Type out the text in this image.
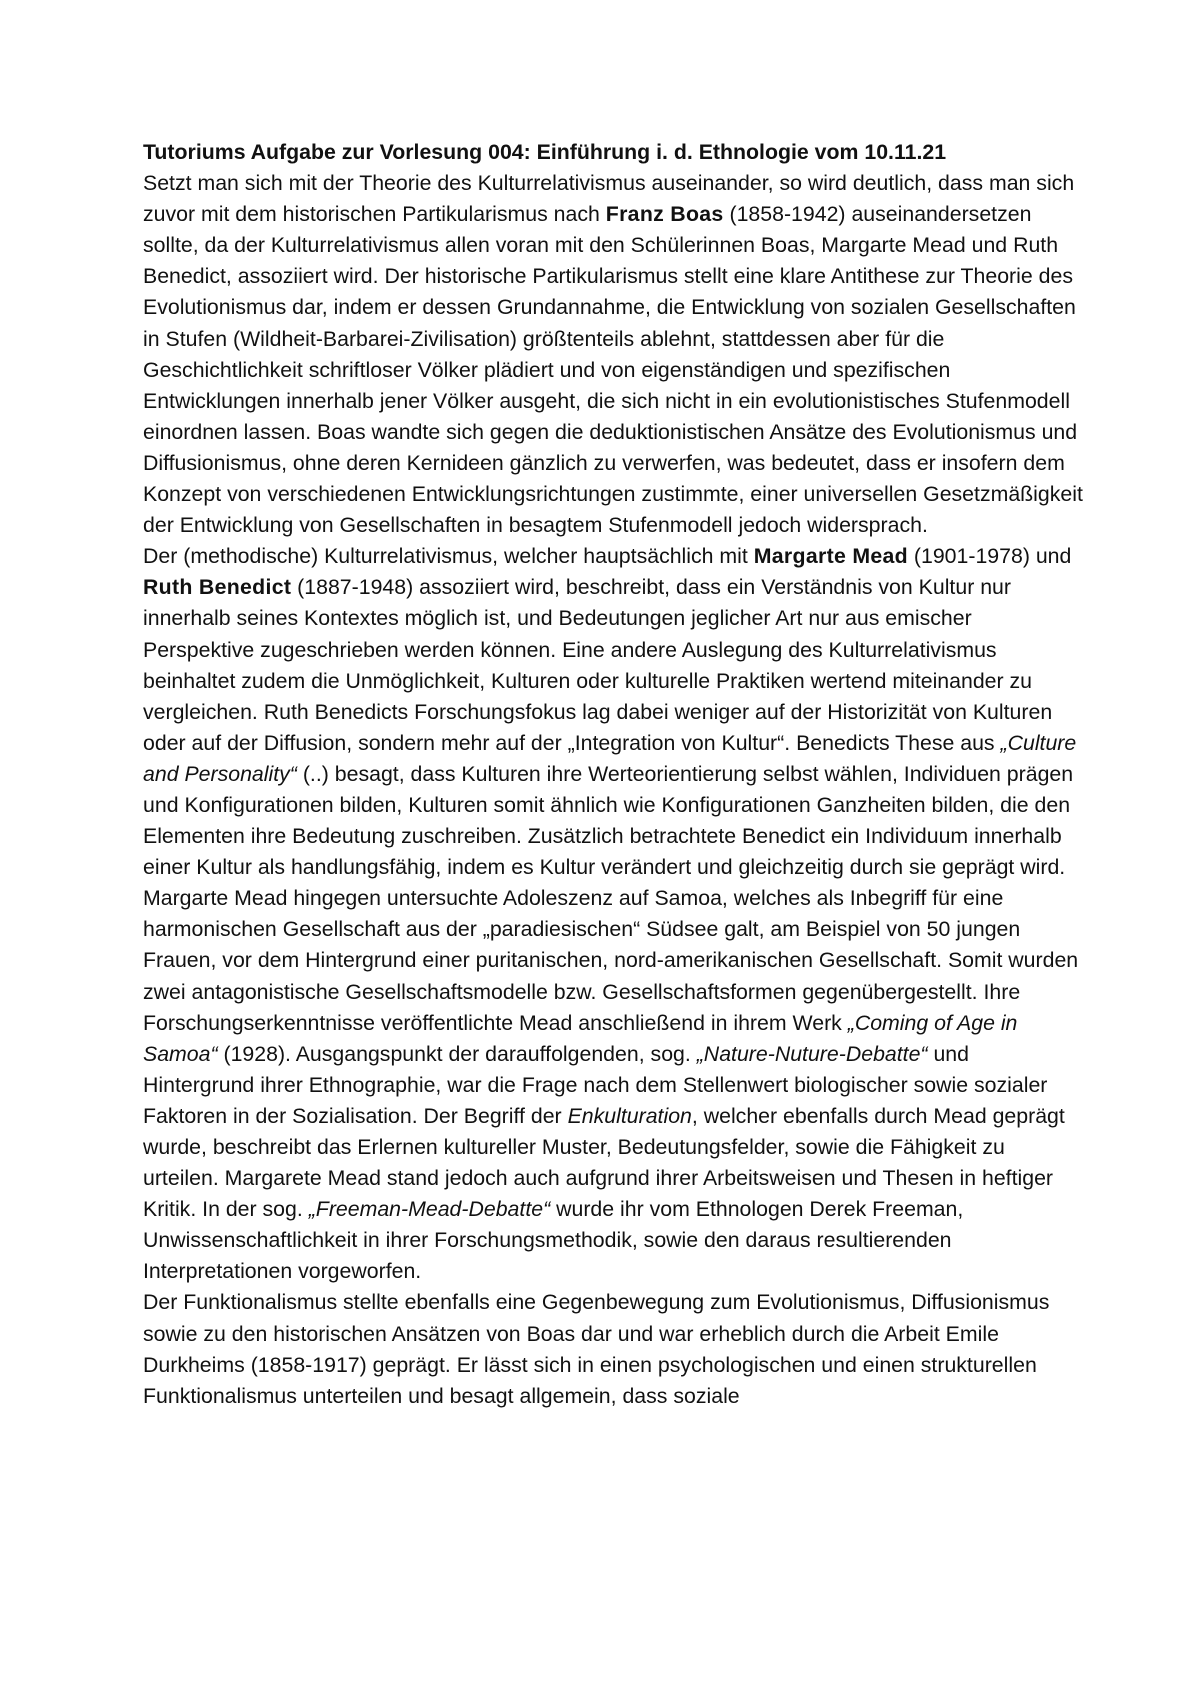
Tutoriums Aufgabe zur Vorlesung 004: Einführung i. d. Ethnologie vom 10.11.21

Setzt man sich mit der Theorie des Kulturrelativismus auseinander, so wird deutlich, dass man sich zuvor mit dem historischen Partikularismus nach Franz Boas (1858-1942) auseinandersetzen sollte, da der Kulturrelativismus allen voran mit den Schülerinnen Boas, Margarte Mead und Ruth Benedict, assoziiert wird. Der historische Partikularismus stellt eine klare Antithese zur Theorie des Evolutionismus dar, indem er dessen Grundannahme, die Entwicklung von sozialen Gesellschaften in Stufen (Wildheit-Barbarei-Zivilisation) größtenteils ablehnt, stattdessen aber für die Geschichtlichkeit schriftloser Völker plädiert und von eigenständigen und spezifischen Entwicklungen innerhalb jener Völker ausgeht, die sich nicht in ein evolutionistisches Stufenmodell einordnen lassen. Boas wandte sich gegen die deduktionistischen Ansätze des Evolutionismus und Diffusionismus, ohne deren Kernideen gänzlich zu verwerfen, was bedeutet, dass er insofern dem Konzept von verschiedenen Entwicklungsrichtungen zustimmte, einer universellen Gesetzmäßigkeit der Entwicklung von Gesellschaften in besagtem Stufenmodell jedoch widersprach.

Der (methodische) Kulturrelativismus, welcher hauptsächlich mit Margarte Mead (1901-1978) und Ruth Benedict (1887-1948) assoziiert wird, beschreibt, dass ein Verständnis von Kultur nur innerhalb seines Kontextes möglich ist, und Bedeutungen jeglicher Art nur aus emischer Perspektive zugeschrieben werden können. Eine andere Auslegung des Kulturrelativismus beinhaltet zudem die Unmöglichkeit, Kulturen oder kulturelle Praktiken wertend miteinander zu vergleichen. Ruth Benedicts Forschungsfokus lag dabei weniger auf der Historizität von Kulturen oder auf der Diffusion, sondern mehr auf der „Integration von Kultur“. Benedicts These aus „Culture and Personality“ (..) besagt, dass Kulturen ihre Werteorientierung selbst wählen, Individuen prägen und Konfigurationen bilden, Kulturen somit ähnlich wie Konfigurationen Ganzheiten bilden, die den Elementen ihre Bedeutung zuschreiben. Zusätzlich betrachtete Benedict ein Individuum innerhalb einer Kultur als handlungsfähig, indem es Kultur verändert und gleichzeitig durch sie geprägt wird.

Margarte Mead hingegen untersuchte Adoleszenz auf Samoa, welches als Inbegriff für eine harmonischen Gesellschaft aus der „paradiesischen“ Südsee galt, am Beispiel von 50 jungen Frauen, vor dem Hintergrund einer puritanischen, nord-amerikanischen Gesellschaft. Somit wurden zwei antagonistische Gesellschaftsmodelle bzw. Gesellschaftsformen gegenübergestellt. Ihre Forschungserkenntnisse veröffentlichte Mead anschließend in ihrem Werk „Coming of Age in Samoa“ (1928). Ausgangspunkt der darauffolgenden, sog. „Nature-Nuture-Debatte“ und Hintergrund ihrer Ethnographie, war die Frage nach dem Stellenwert biologischer sowie sozialer Faktoren in der Sozialisation. Der Begriff der Enkulturation, welcher ebenfalls durch Mead geprägt wurde, beschreibt das Erlernen kultureller Muster, Bedeutungsfelder, sowie die Fähigkeit zu urteilen. Margarete Mead stand jedoch auch aufgrund ihrer Arbeitsweisen und Thesen in heftiger Kritik. In der sog. „Freeman-Mead-Debatte“ wurde ihr vom Ethnologen Derek Freeman, Unwissenschaftlichkeit in ihrer Forschungsmethodik, sowie den daraus resultierenden Interpretationen vorgeworfen.

Der Funktionalismus stellte ebenfalls eine Gegenbewegung zum Evolutionismus, Diffusionismus sowie zu den historischen Ansätzen von Boas dar und war erheblich durch die Arbeit Emile Durkheims (1858-1917) geprägt. Er lässt sich in einen psychologischen und einen strukturellen Funktionalismus unterteilen und besagt allgemein, dass soziale
